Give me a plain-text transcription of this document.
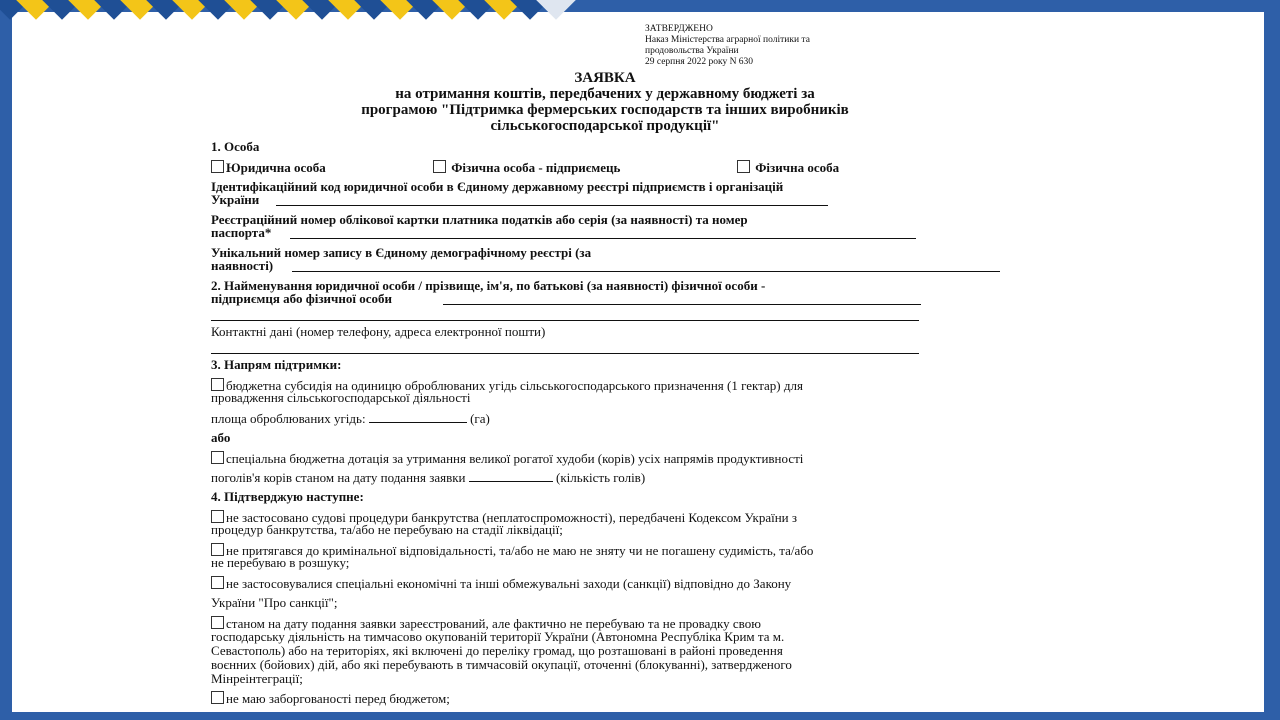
ЗАТВЕРДЖЕНО
Наказ Міністерства аграрної політики та
продовольства України
29 серпня 2022 року N 630
ЗАЯВКА
на отримання коштів, передбачених у державному бюджеті за
програмою "Підтримка фермерських господарств та інших виробників
сільськогосподарської продукції"
1. Особа
Юридична особа	Фізична особа - підприємець	Фізична особа
Ідентифікаційний код юридичної особи в Єдиному державному реєстрі підприємств і організацій
України
Реєстраційний номер облікової картки платника податків або серія (за наявності) та номер
паспорта*
Унікальний номер запису в Єдиному демографічному реєстрі (за
наявності)
2. Найменування юридичної особи / прізвище, ім'я, по батькові (за наявності) фізичної особи -
підприємця або фізичної особи
Контактні дані (номер телефону, адреса електронної пошти)
3. Напрям підтримки:
бюджетна субсидія на одиницю оброблюваних угідь сільськогосподарського призначення (1 гектар) для
провадження сільськогосподарської діяльності
площа оброблюваних угідь:	(га)
або
спеціальна бюджетна дотація за утримання великої рогатої худоби (корів) усіх напрямів продуктивності
поголів'я корів станом на дату подання заявки	(кількість голів)
4. Підтверджую наступне:
не застосовано судові процедури банкрутства (неплатоспроможності), передбачені Кодексом України з
процедур банкрутства, та/або не перебуваю на стадії ліквідації;
не притягався до кримінальної відповідальності, та/або не маю не зняту чи не погашену судимість, та/або
не перебуваю в розшуку;
не застосовувалися спеціальні економічні та інші обмежувальні заходи (санкції) відповідно до Закону
України "Про санкції";
станом на дату подання заявки зареєстрований, але фактично не перебуваю та не провадку свою
господарську діяльність на тимчасово окупованій території України (Автономна Республіка Крим та м.
Севастополь) або на територіях, які включені до переліку громад, що розташовані в районі проведення
воєнних (бойових) дій, або які перебувають в тимчасовій окупації, оточенні (блокуванні), затвердженого
Мінреінтеграції;
не маю заборгованості перед бюджетом;
